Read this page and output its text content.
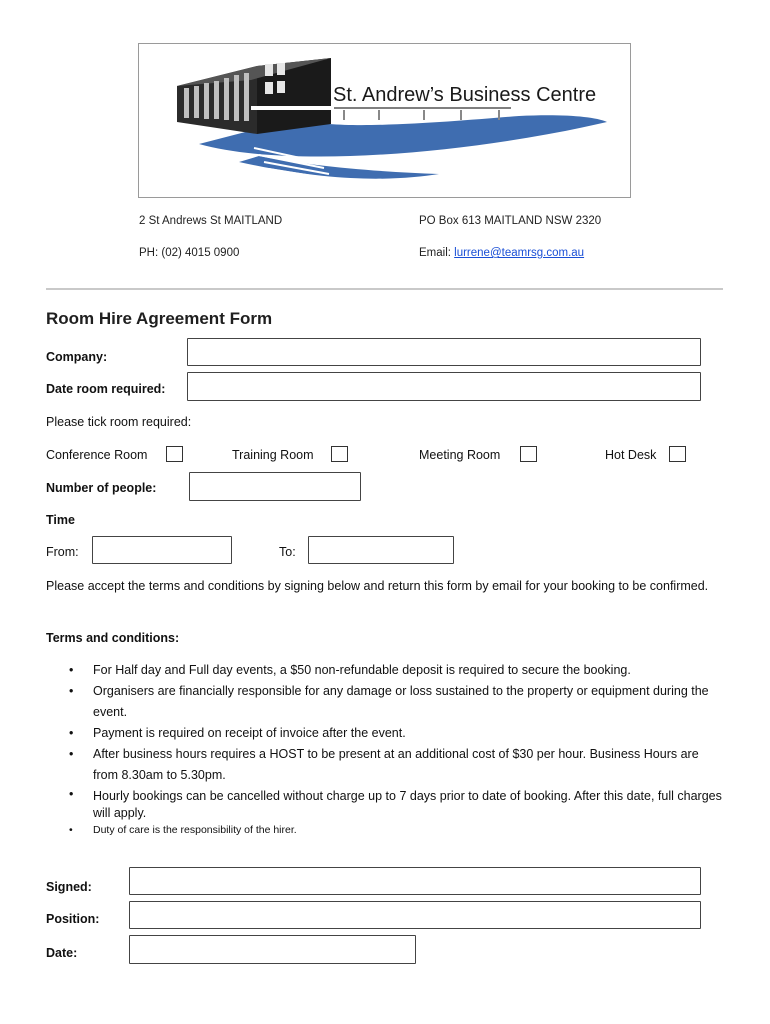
St. Andrew’s Business Centre
2 St Andrews St MAITLAND	PO Box 613 MAITLAND NSW 2320
PH: (02) 4015 0900	Email: lurrene@teamrsg.com.au
Room Hire Agreement Form
Company:
Date room required:
Please tick room required:
Conference Room	Training Room	Meeting Room	Hot Desk
Number of people:
Time
From:	To:
Please accept the terms and conditions by signing below and return this form by email for your booking to be confirmed.
Terms and conditions:
• For Half day and Full day events, a $50 non-refundable deposit is required to secure the booking.
• Organisers are financially responsible for any damage or loss sustained to the property or equipment during the event.
• Payment is required on receipt of invoice after the event.
• After business hours requires a HOST to be present at an additional cost of $30 per hour. Business Hours are from 8.30am to 5.30pm.
• Hourly bookings can be cancelled without charge up to 7 days prior to date of booking. After this date, full charges will apply.
• Duty of care is the responsibility of the hirer.
Signed:
Position:
Date:
